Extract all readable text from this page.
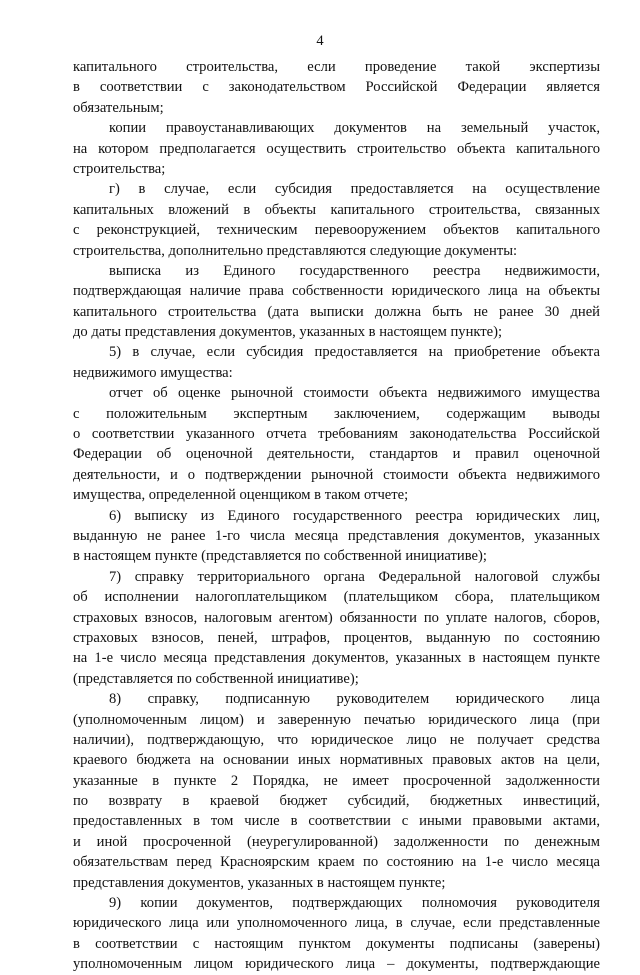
4
капитального строительства, если проведение такой экспертизы
в соответствии с законодательством Российской Федерации является
обязательным;
копии правоустанавливающих документов на земельный участок,
на котором предполагается осуществить строительство объекта капитального
строительства;
г) в случае, если субсидия предоставляется на осуществление
капитальных вложений в объекты капитального строительства, связанных
с реконструкцией, техническим перевооружением объектов капитального
строительства, дополнительно представляются следующие документы:
выписка из Единого государственного реестра недвижимости,
подтверждающая наличие права собственности юридического лица на объекты
капитального строительства (дата выписки должна быть не ранее 30 дней
до даты представления документов, указанных в настоящем пункте);
5) в случае, если субсидия предоставляется на приобретение объекта
недвижимого имущества:
отчет об оценке рыночной стоимости объекта недвижимого имущества
с положительным экспертным заключением, содержащим выводы
о соответствии указанного отчета требованиям законодательства Российской
Федерации об оценочной деятельности, стандартов и правил оценочной
деятельности, и о подтверждении рыночной стоимости объекта недвижимого
имущества, определенной оценщиком в таком отчете;
6) выписку из Единого государственного реестра юридических лиц,
выданную не ранее 1-го числа месяца представления документов, указанных
в настоящем пункте (представляется по собственной инициативе);
7) справку территориального органа Федеральной налоговой службы
об исполнении налогоплательщиком (плательщиком сбора, плательщиком
страховых взносов, налоговым агентом) обязанности по уплате налогов, сборов,
страховых взносов, пеней, штрафов, процентов, выданную по состоянию
на 1-е число месяца представления документов, указанных в настоящем пункте
(представляется по собственной инициативе);
8) справку, подписанную руководителем юридического лица
(уполномоченным лицом) и заверенную печатью юридического лица (при
наличии), подтверждающую, что юридическое лицо не получает средства
краевого бюджета на основании иных нормативных правовых актов на цели,
указанные в пункте 2 Порядка, не имеет просроченной задолженности
по возврату в краевой бюджет субсидий, бюджетных инвестиций,
предоставленных в том числе в соответствии с иными правовыми актами,
и иной просроченной (неурегулированной) задолженности по денежным
обязательствам перед Красноярским краем по состоянию на 1-е число месяца
представления документов, указанных в настоящем пункте;
9) копии документов, подтверждающих полномочия руководителя
юридического лица или уполномоченного лица, в случае, если представленные
в соответствии с настоящим пунктом документы подписаны (заверены)
уполномоченным лицом юридического лица – документы, подтверждающие
